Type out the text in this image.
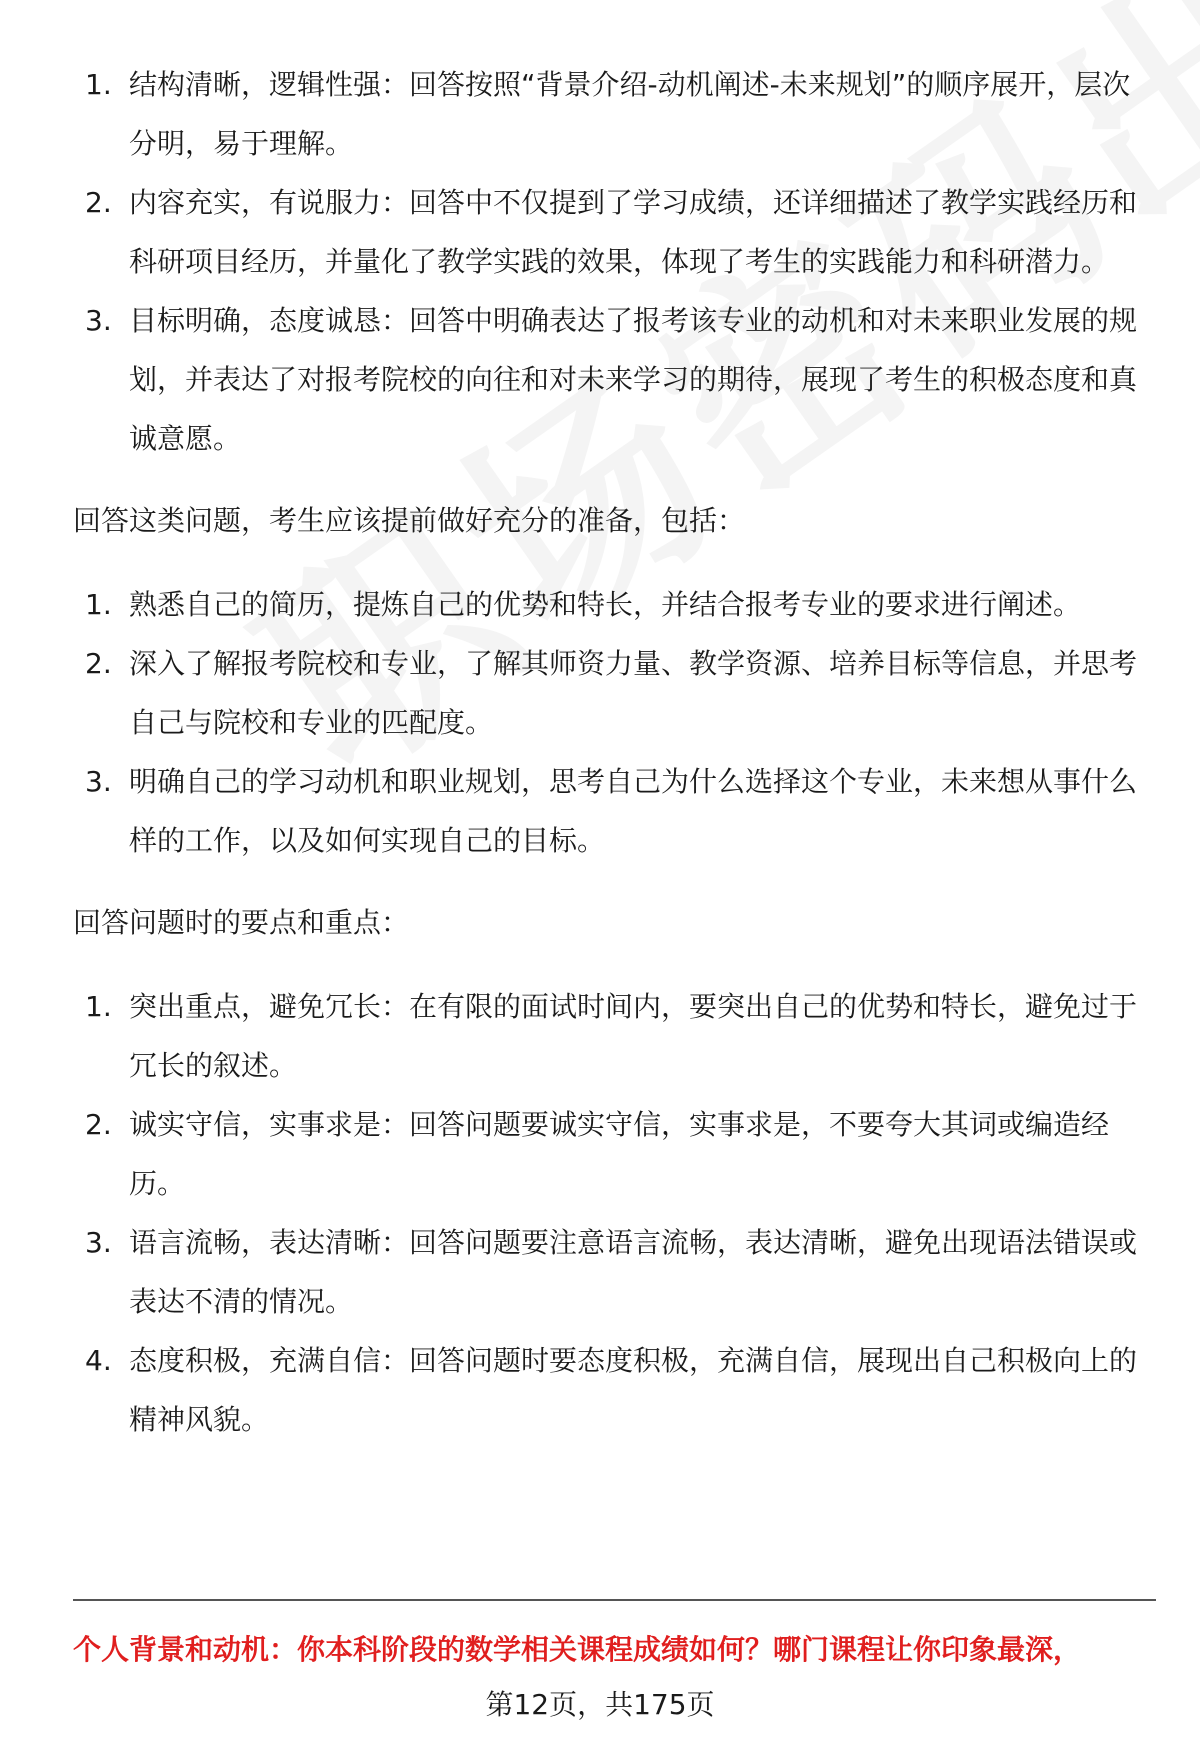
1. 结构清晰，逻辑性强：回答按照“背景介绍-动机阐述-未来规划”的顺序展开，层次分明，易于理解。
2. 内容充实，有说服力：回答中不仅提到了学习成绩，还详细描述了教学实践经历和科研项目经历，并量化了教学实践的效果，体现了考生的实践能力和科研潜力。
3. 目标明确，态度诚恳：回答中明确表达了报考该专业的动机和对未来职业发展的规划，并表达了对报考院校的向往和对未来学习的期待，展现了考生的积极态度和真诚意愿。

回答这类问题，考生应该提前做好充分的准备，包括：

1. 熟悉自己的简历，提炼自己的优势和特长，并结合报考专业的要求进行阐述。
2. 深入了解报考院校和专业，了解其师资力量、教学资源、培养目标等信息，并思考自己与院校和专业的匹配度。
3. 明确自己的学习动机和职业规划，思考自己为什么选择这个专业，未来想从事什么样的工作，以及如何实现自己的目标。

回答问题时的要点和重点：

1. 突出重点，避免冗长：在有限的面试时间内，要突出自己的优势和特长，避免过于冗长的叙述。
2. 诚实守信，实事求是：回答问题要诚实守信，实事求是，不要夸大其词或编造经历。
3. 语言流畅，表达清晰：回答问题要注意语言流畅，表达清晰，避免出现语法错误或表达不清的情况。
4. 态度积极，充满自信：回答问题时要态度积极，充满自信，展现出自己积极向上的精神风貌。
个人背景和动机：你本科阶段的数学相关课程成绩如何？哪门课程让你印象最深，
第12页，共175页
